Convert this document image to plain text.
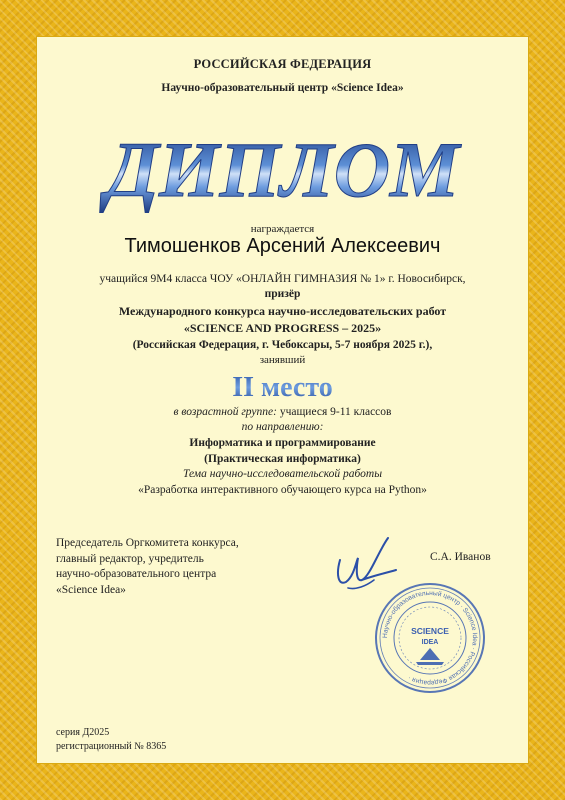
РОССИЙСКАЯ ФЕДЕРАЦИЯ
Научно-образовательный центр «Science Idea»
ДИПЛОМ
награждается
Тимошенков Арсений Алексеевич
учащийся 9М4 класса ЧОУ «ОНЛАЙН ГИМНАЗИЯ № 1» г. Новосибирск,
призёр
Международного конкурса научно-исследовательских работ
«SCIENCE AND PROGRESS – 2025»
(Российская Федерация, г. Чебоксары, 5-7 ноября 2025 г.),
занявший
II место
в возрастной группе: учащиеся 9-11 классов
по направлению:
Информатика и программирование
(Практическая информатика)
Тема научно-исследовательской работы
«Разработка интерактивного обучающего курса на Python»
Председатель Оргкомитета конкурса,
главный редактор, учредитель
научно-образовательного центра
«Science Idea»
С.А. Иванов
Научно-образовательный центр · Science Idea · Российская Федерация ·
SCIENCE
IDEA
серия Д2025
регистрационный № 8365
